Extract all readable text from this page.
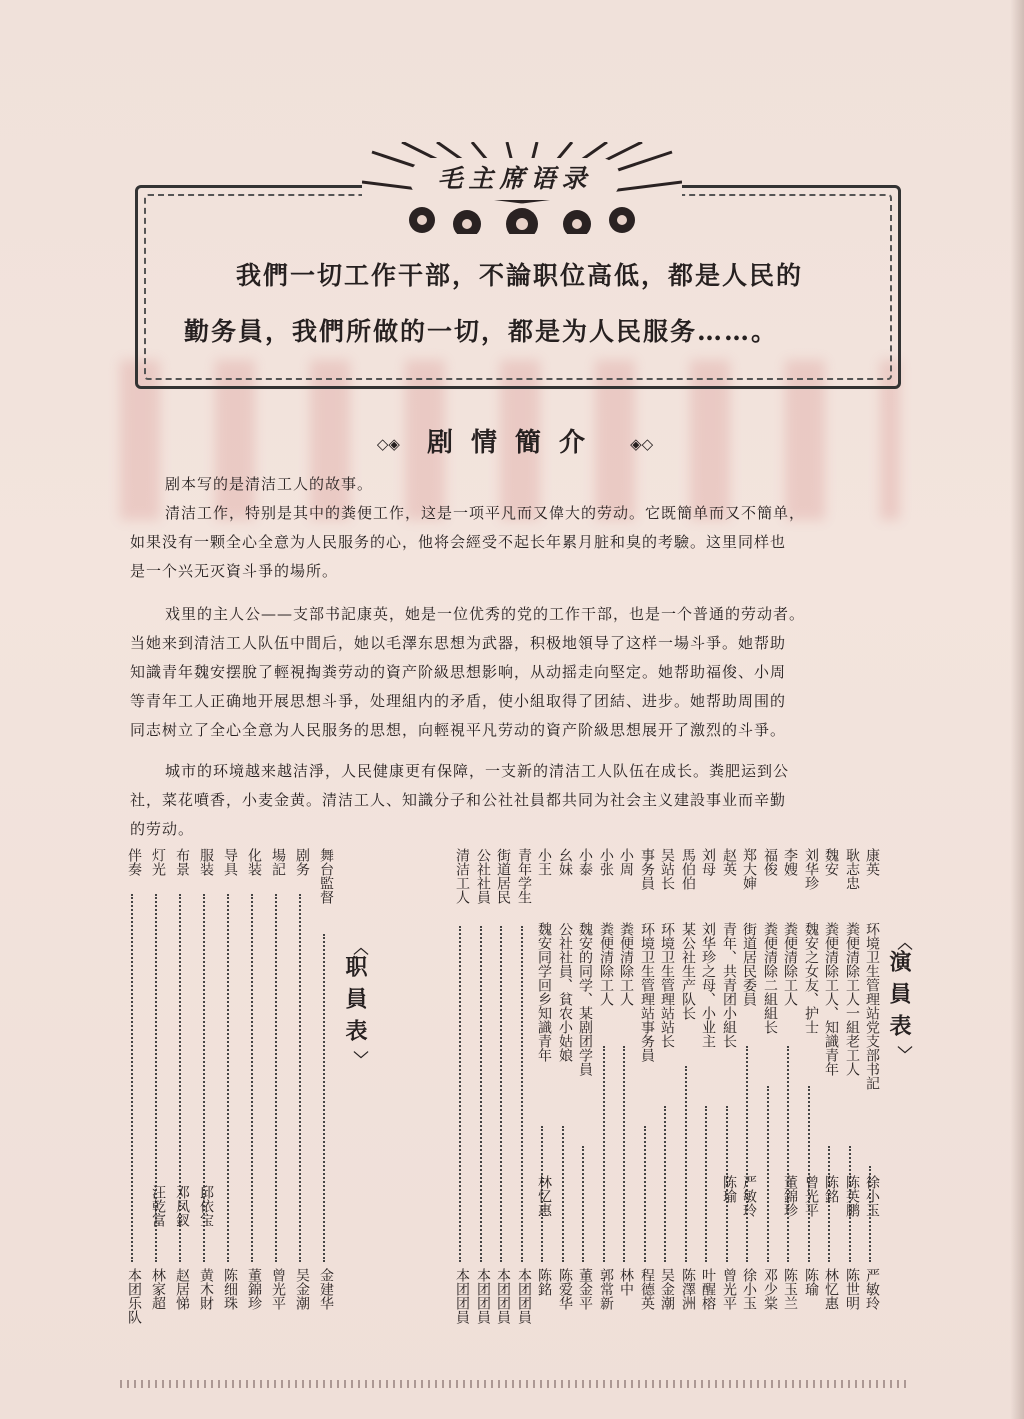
毛主席语录
我們一切工作干部，不論职位高低，都是人民的
勤务員，我們所做的一切，都是为人民服务……。
◇◈ 剧情簡介 ◈◇
剧本写的是清洁工人的故事。
清洁工作，特别是其中的粪便工作，这是一项平凡而又偉大的劳动。它既簡单而又不簡单，
如果没有一颗全心全意为人民服务的心，他将会經受不起长年累月脏和臭的考驗。这里同样也
是一个兴无灭資斗爭的場所。
戏里的主人公——支部书記康英，她是一位优秀的党的工作干部，也是一个普通的劳动者。
当她来到清洁工人队伍中間后，她以毛澤东思想为武器，积极地領导了这样一場斗爭。她帮助
知識青年魏安摆脫了輕視掏粪劳动的資产阶級思想影响，从动摇走向堅定。她帮助福俊、小周
等青年工人正确地开展思想斗爭，处理組内的矛盾，使小組取得了团結、进步。她帮助周围的
同志树立了全心全意为人民服务的思想，向輕視平凡劳动的資产阶級思想展开了激烈的斗爭。
城市的环境越来越洁淨，人民健康更有保障，一支新的清洁工人队伍在成长。粪肥运到公
社，菜花噴香，小麦金黄。清洁工人、知識分子和公社社員都共同为社会主义建設事业而辛勤
的劳动。
︿演員表﹀
康英
环境卫生管理站党支部书記
徐小玉
严敏玲
耿志忠
粪便清除工人一組老工人
陈英鹏
陈世明
魏安
粪便清除工人、知識青年
陈銘
林忆惠
刘华珍
魏安之女友、护士
曾光平
陈瑜
李嫂
粪便清除工人
董錦珍
陈玉兰
福俊
粪便清除二組組长
邓少棠
郑大婶
街道居民委員
严敏玲
徐小玉
赵英
青年、共青团小組长
陈瑜
曾光平
刘母
刘华珍之母、小业主
叶醒榕
馬伯伯
某公社生产队长
陈澤洲
吴站长
环境卫生管理站站长
吴金潮
事务員
环境卫生管理站事务員
程德英
小周
粪便清除工人
林中
小张
粪便清除工人
郭常新
小泰
魏安的同学、某剧团学員
董金平
幺妹
公社社員、貧农小姑娘
陈爱华
小王
魏安同学回乡知識青年
林忆惠
陈銘
青年学生
本团团員
街道居民
本团团員
公社社員
本团团員
清洁工人
本团团員
︿职員表﹀
舞台監督
金建华
剧务
吴金潮
場記
曾光平
化装
董錦珍
导具
陈细珠
服装
邱依宝
黄木財
布景
邓凤釵
赵居悌
灯光
汪乾富
林家超
伴奏
本团乐队
